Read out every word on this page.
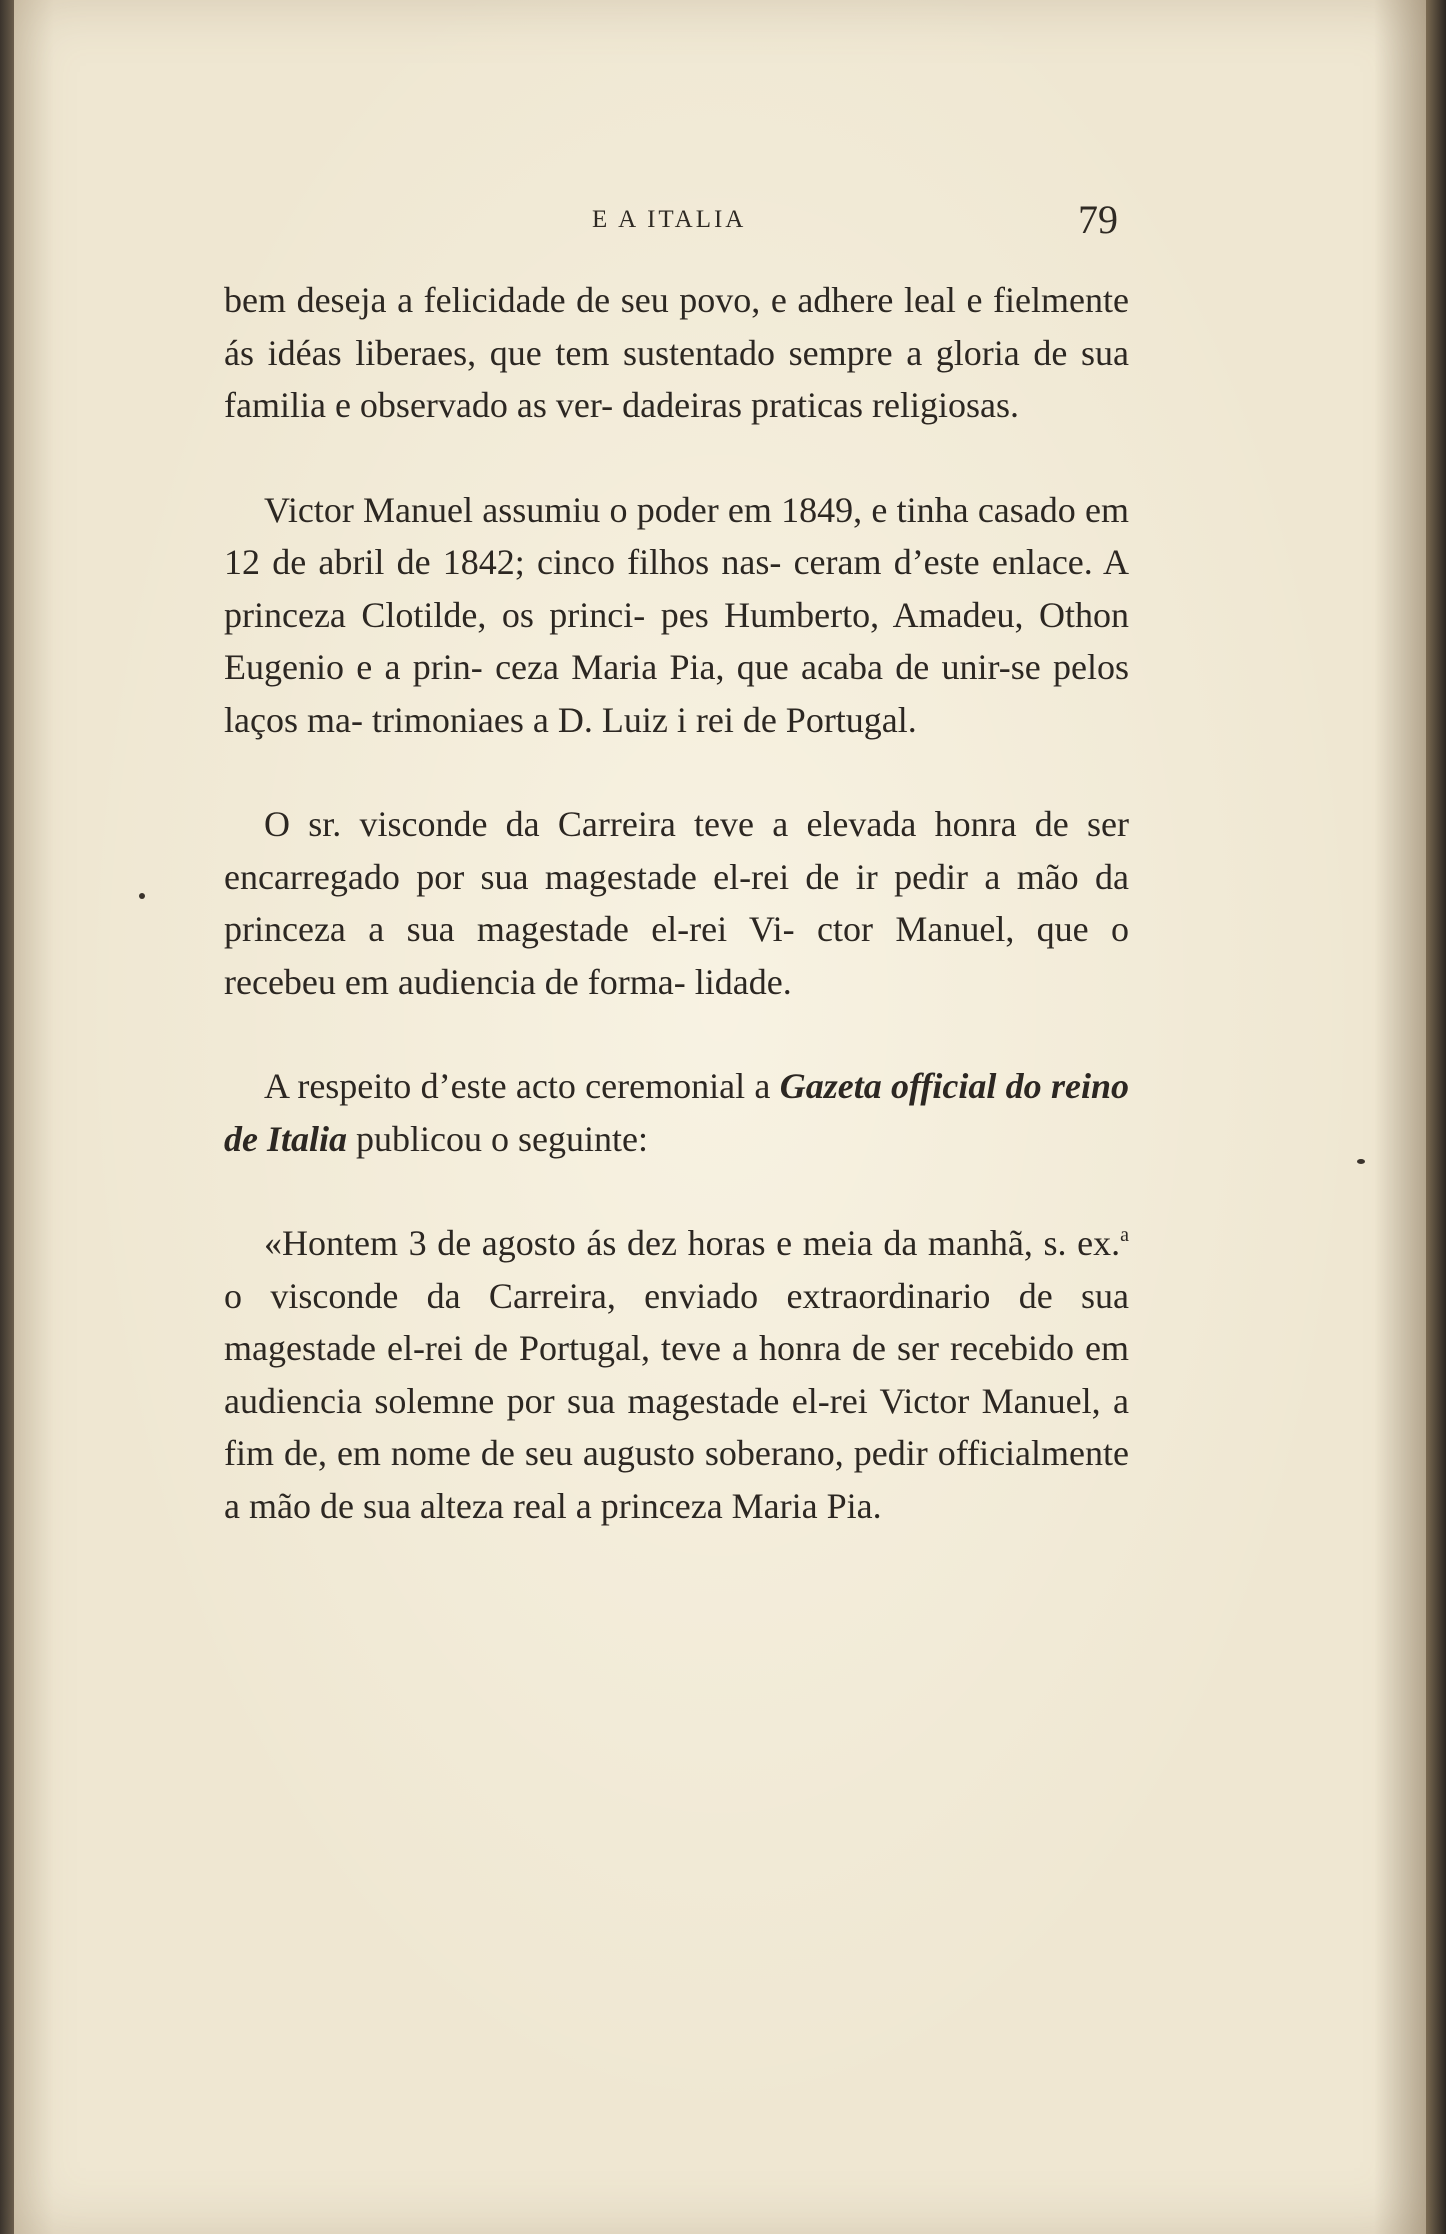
E A ITALIA	79

bem deseja a felicidade de seu povo, e adhere leal e fielmente ás idéas liberaes, que tem sustentado sempre a gloria de sua familia e observado as ver- dadeiras praticas religiosas.

Victor Manuel assumiu o poder em 1849, e tinha casado em 12 de abril de 1842; cinco filhos nas- ceram d’este enlace. A princeza Clotilde, os princi- pes Humberto, Amadeu, Othon Eugenio e a prin- ceza Maria Pia, que acaba de unir-se pelos laços ma- trimoniaes a D. Luiz i rei de Portugal.

O sr. visconde da Carreira teve a elevada honra de ser encarregado por sua magestade el-rei de ir pedir a mão da princeza a sua magestade el-rei Vi- ctor Manuel, que o recebeu em audiencia de forma- lidade.

A respeito d’este acto ceremonial a Gazeta official do reino de Italia publicou o seguinte:

«Hontem 3 de agosto ás dez horas e meia da manhã, s. ex.$^a$ o visconde da Carreira, enviado extraordinario de sua magestade el-rei de Portugal, teve a honra de ser recebido em audiencia solemne por sua magestade el-rei Victor Manuel, a fim de, em nome de seu augusto soberano, pedir officialmente a mão de sua alteza real a princeza Maria Pia.
